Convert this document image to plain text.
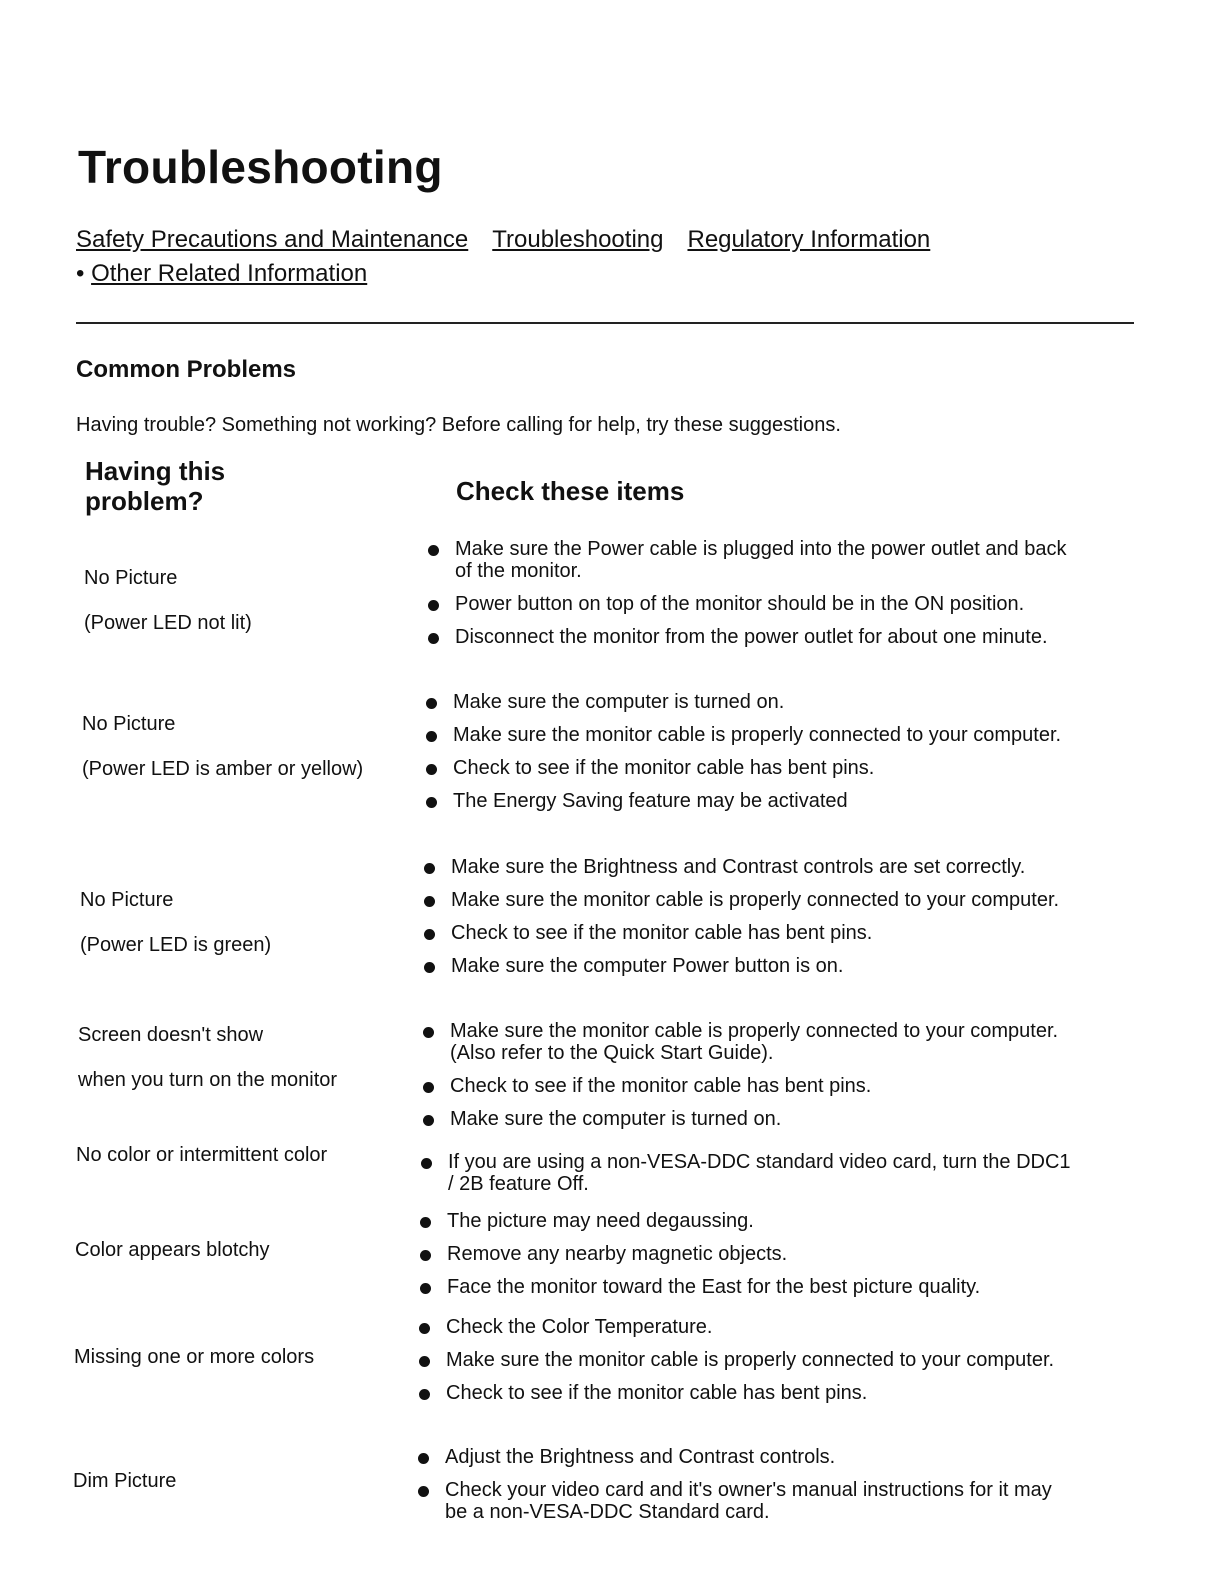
Troubleshooting
Safety Precautions and Maintenance Troubleshooting Regulatory Information
• Other Related Information
Common Problems
Having trouble? Something not working? Before calling for help, try these suggestions.
Having this problem?	Check these items
No Picture
(Power LED not lit)
Make sure the Power cable is plugged into the power outlet and back of the monitor.
Power button on top of the monitor should be in the ON position.
Disconnect the monitor from the power outlet for about one minute.
No Picture
(Power LED is amber or yellow)
Make sure the computer is turned on.
Make sure the monitor cable is properly connected to your computer.
Check to see if the monitor cable has bent pins.
The Energy Saving feature may be activated
No Picture
(Power LED is green)
Make sure the Brightness and Contrast controls are set correctly.
Make sure the monitor cable is properly connected to your computer.
Check to see if the monitor cable has bent pins.
Make sure the computer Power button is on.
Screen doesn't show
when you turn on the monitor
Make sure the monitor cable is properly connected to your computer. (Also refer to the Quick Start Guide).
Check to see if the monitor cable has bent pins.
Make sure the computer is turned on.
No color or intermittent color	If you are using a non-VESA-DDC standard video card, turn the DDC1 / 2B feature Off.
Color appears blotchy
The picture may need degaussing.
Remove any nearby magnetic objects.
Face the monitor toward the East for the best picture quality.
Missing one or more colors
Check the Color Temperature.
Make sure the monitor cable is properly connected to your computer.
Check to see if the monitor cable has bent pins.
Dim Picture
Adjust the Brightness and Contrast controls.
Check your video card and it's owner's manual instructions for it may be a non-VESA-DDC Standard card.
